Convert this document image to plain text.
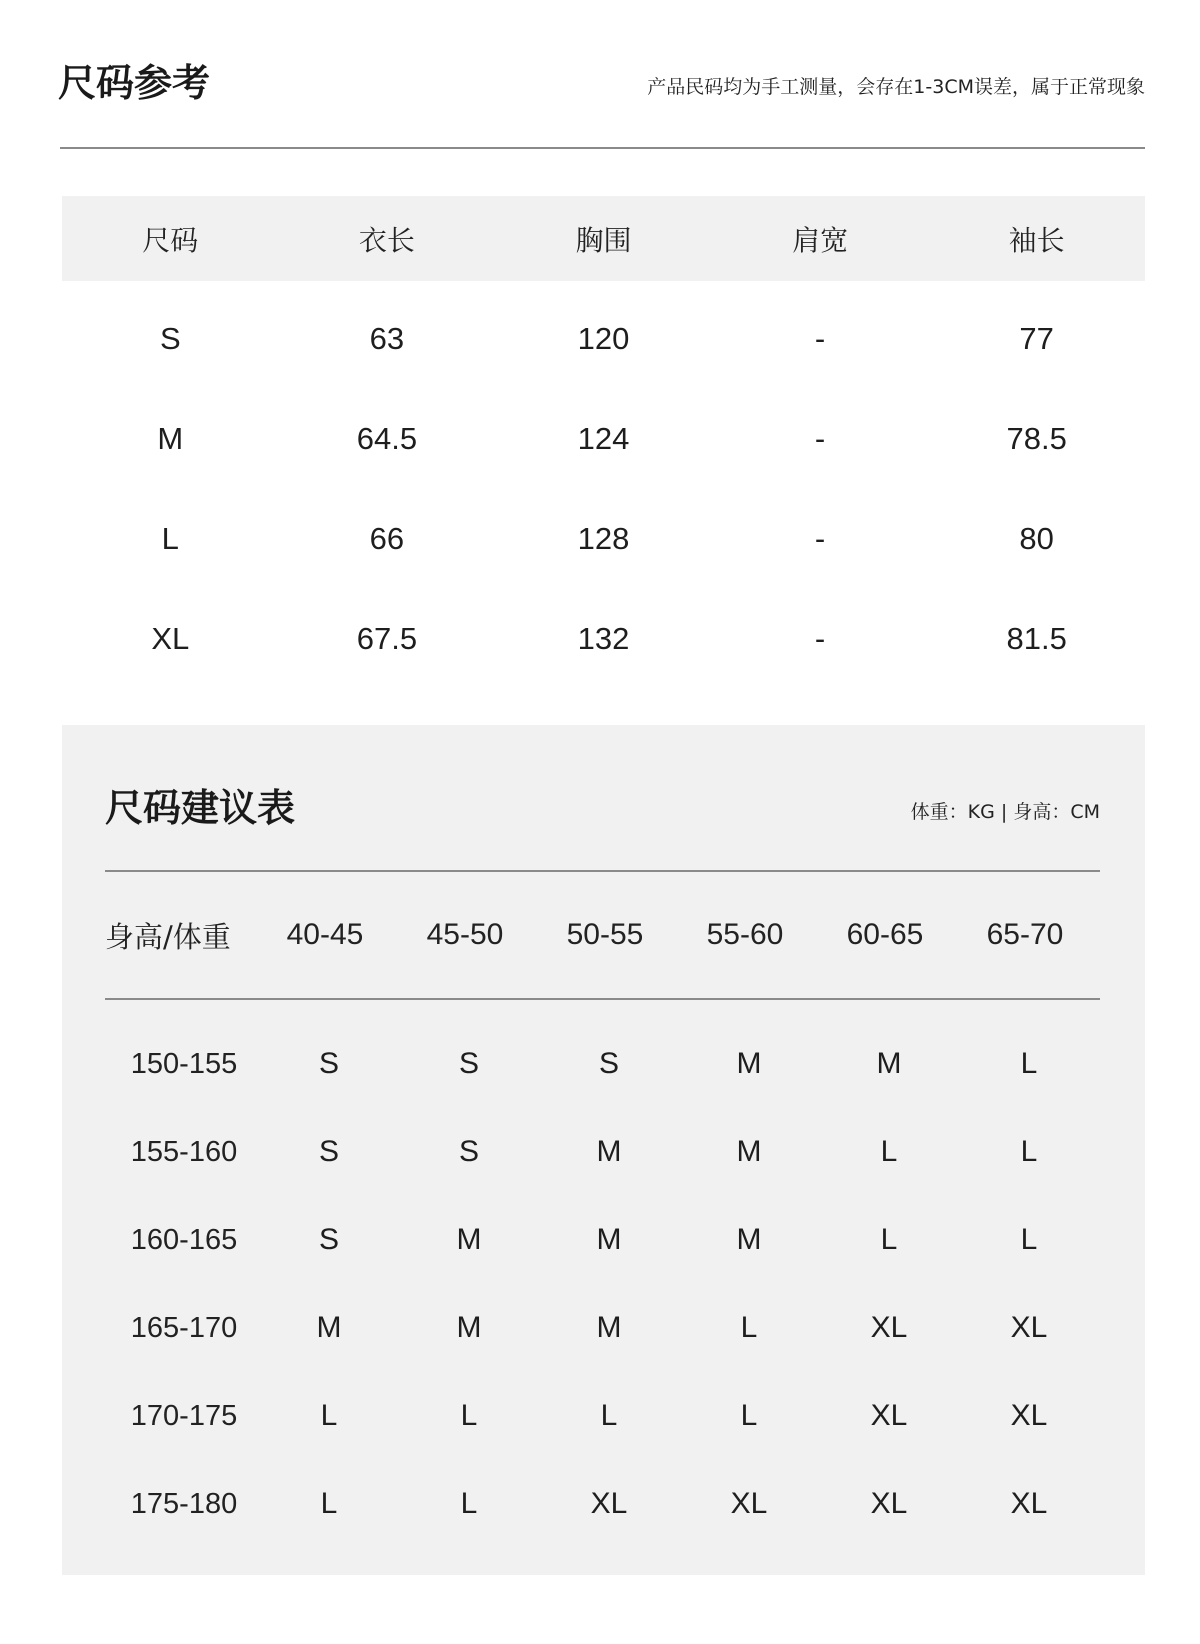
尺码参考	产品民码均为手工测量，会存在1-3CM误差，属于正常现象
尺码	衣长	胸围	肩宽	袖长
S	63	120	-	77
M	64.5	124	-	78.5
L	66	128	-	80
XL	67.5	132	-	81.5
尺码建议表	体重：KG | 身高：CM
身高/体重	40-45	45-50	50-55	55-60	60-65	65-70
150-155	S	S	S	M	M	L
155-160	S	S	M	M	L	L
160-165	S	M	M	M	L	L
165-170	M	M	M	L	XL	XL
170-175	L	L	L	L	XL	XL
175-180	L	L	XL	XL	XL	XL
